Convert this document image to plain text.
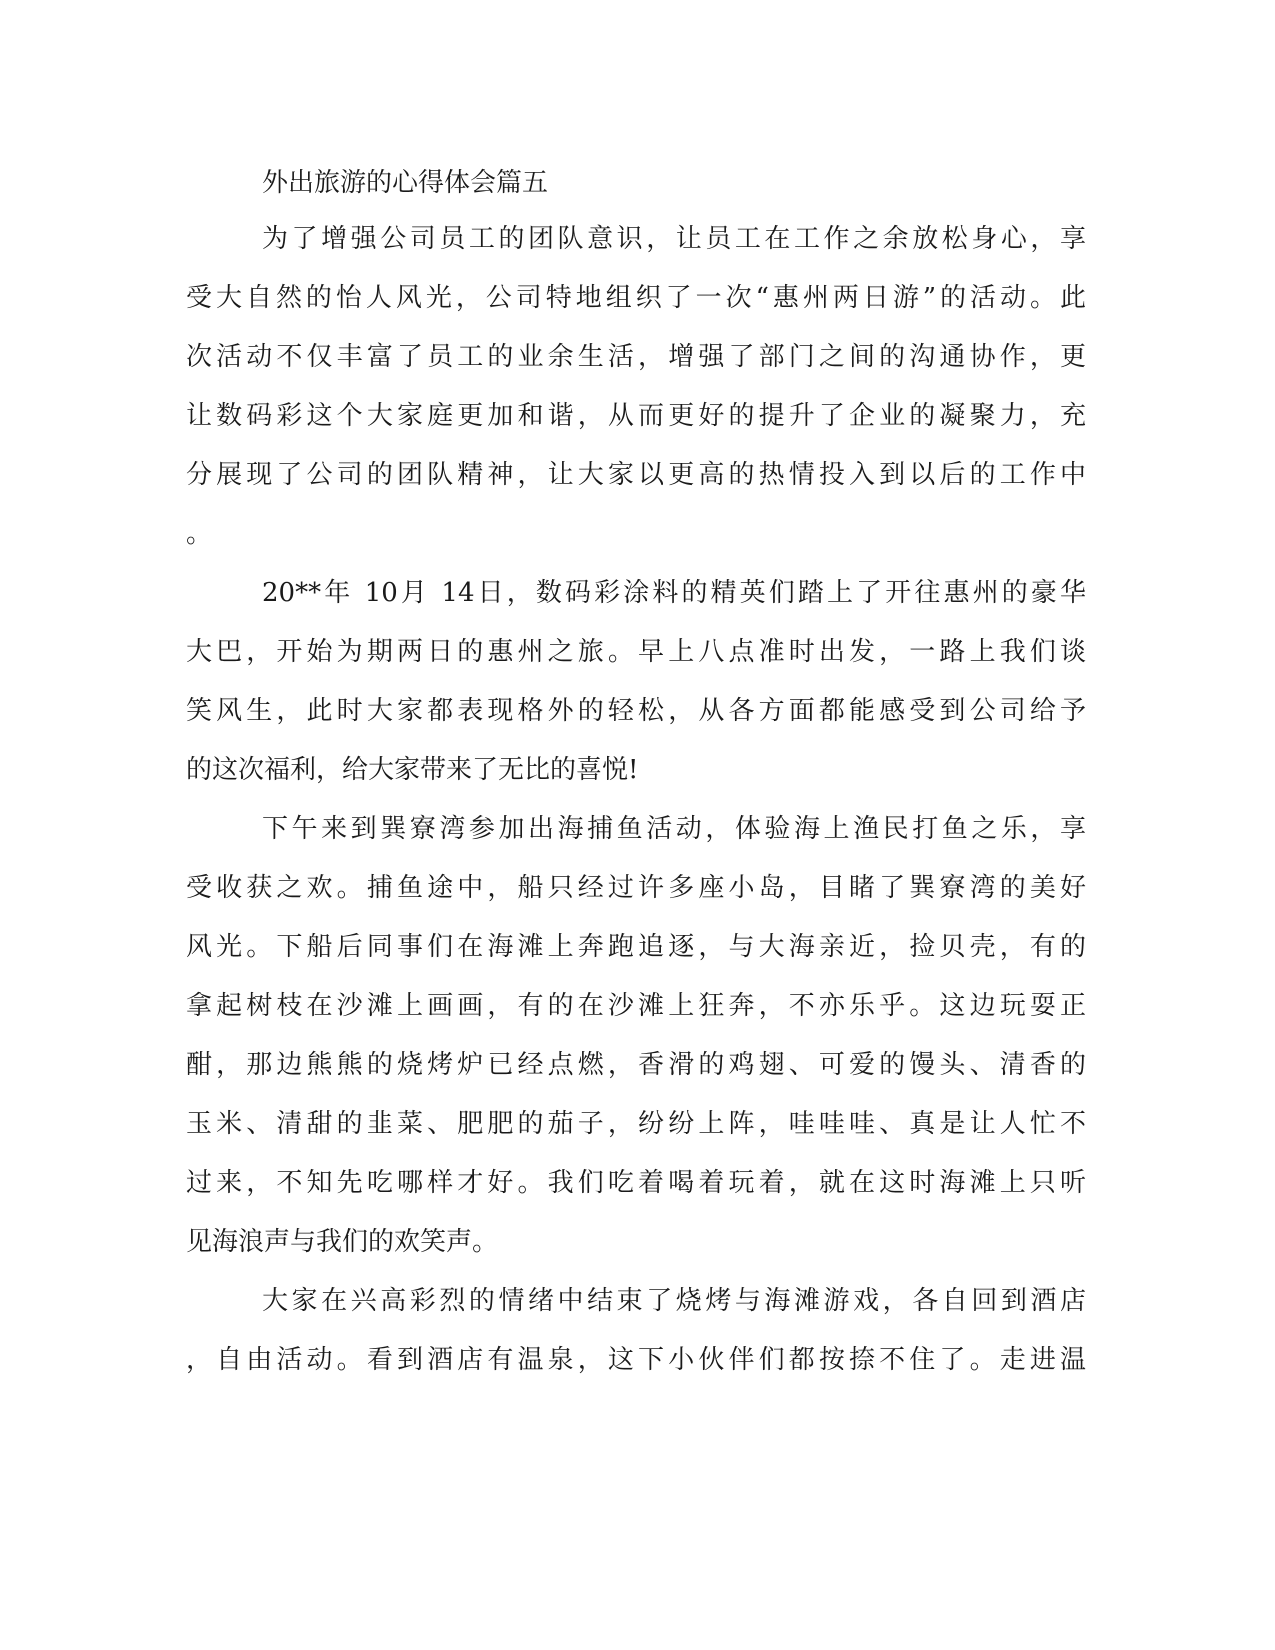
外出旅游的心得体会篇五
为了增强公司员工的团队意识，让员工在工作之余放松身心，享
受大自然的怡人风光，公司特地组织了一次“惠州两日游”的活动。此
次活动不仅丰富了员工的业余生活，增强了部门之间的沟通协作，更
让数码彩这个大家庭更加和谐，从而更好的提升了企业的凝聚力，充
分展现了公司的团队精神，让大家以更高的热情投入到以后的工作中
。
20**年 10月 14日，数码彩涂料的精英们踏上了开往惠州的豪华
大巴，开始为期两日的惠州之旅。早上八点准时出发，一路上我们谈
笑风生，此时大家都表现格外的轻松，从各方面都能感受到公司给予
的这次福利，给大家带来了无比的喜悦!
下午来到巽寮湾参加出海捕鱼活动，体验海上渔民打鱼之乐，享
受收获之欢。捕鱼途中，船只经过许多座小岛，目睹了巽寮湾的美好
风光。下船后同事们在海滩上奔跑追逐，与大海亲近，捡贝壳，有的
拿起树枝在沙滩上画画，有的在沙滩上狂奔，不亦乐乎。这边玩耍正
酣，那边熊熊的烧烤炉已经点燃，香滑的鸡翅、可爱的馒头、清香的
玉米、清甜的韭菜、肥肥的茄子，纷纷上阵，哇哇哇、真是让人忙不
过来，不知先吃哪样才好。我们吃着喝着玩着，就在这时海滩上只听
见海浪声与我们的欢笑声。
大家在兴高彩烈的情绪中结束了烧烤与海滩游戏，各自回到酒店
，自由活动。看到酒店有温泉，这下小伙伴们都按捺不住了。走进温
